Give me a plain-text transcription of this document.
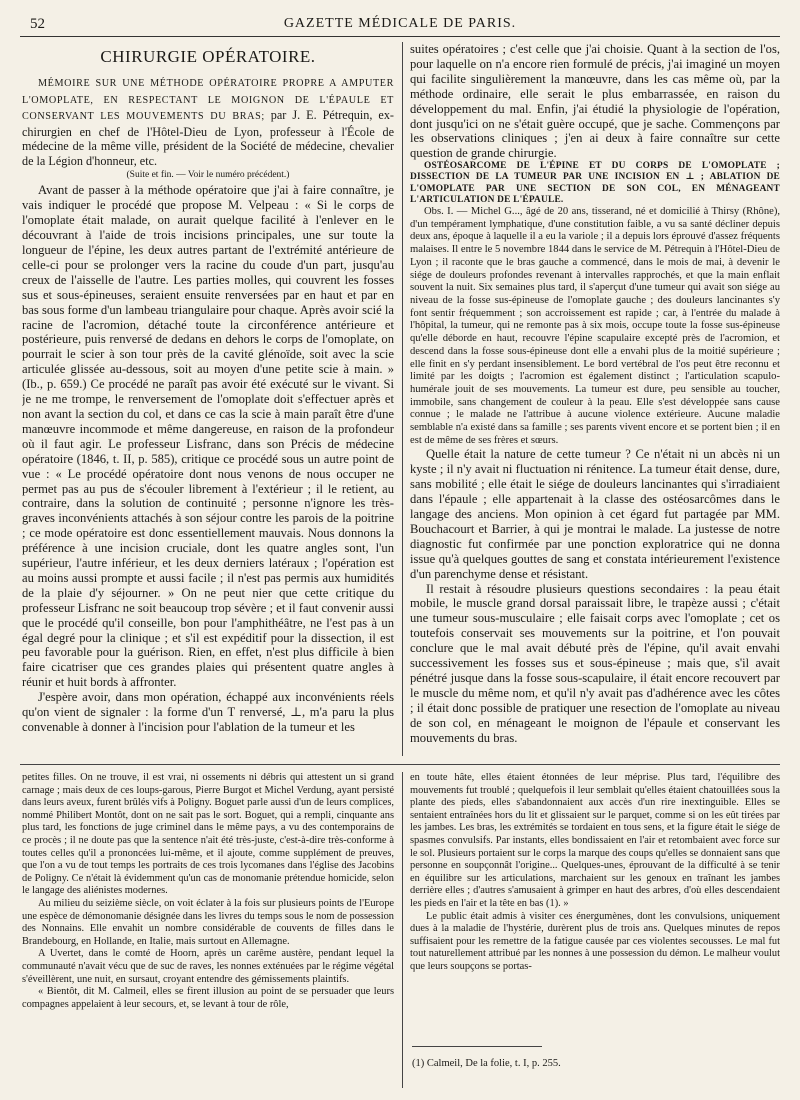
52	GAZETTE MÉDICALE DE PARIS.
CHIRURGIE OPÉRATOIRE.

MÉMOIRE SUR UNE MÉTHODE OPÉRATOIRE PROPRE A AMPUTER L'OMOPLATE, EN RESPECTANT LE MOIGNON DE L'ÉPAULE ET CONSERVANT LES MOUVEMENTS DU BRAS; par J. E. Pétrequin, ex-chirurgien en chef de l'Hôtel-Dieu de Lyon, professeur à l'École de médecine de la même ville, président de la Société de médecine, chevalier de la Légion d'honneur, etc.

(Suite et fin. — Voir le numéro précédent.)

Avant de passer à la méthode opératoire que j'ai à faire connaître, je vais indiquer le procédé que propose M. Velpeau : « Si le corps de l'omoplate était malade, on aurait quelque facilité à l'enlever en le découvrant à l'aide de trois incisions principales, une sur toute la longueur de l'épine, les deux autres partant de l'extrémité antérieure de celle-ci pour se prolonger vers la racine du coude d'un part, jusqu'au creux de l'aisselle de l'autre. Les parties molles, qui couvrent les fosses sus et sous-épineuses, seraient ensuite renversées par en haut et par en bas sous forme d'un lambeau triangulaire pour chaque. Après avoir scié la racine de l'acromion, détaché toute la circonférence antérieure et postérieure, puis renversé de dedans en dehors le corps de l'omoplate, on pourrait le scier à son tour près de la cavité glénoïde, soit avec la scie articulée glissée au-dessous, soit au moyen d'une petite scie à main. » (Ib., p. 659.) Ce procédé ne paraît pas avoir été exécuté sur le vivant. Si je ne me trompe, le renversement de l'omoplate doit s'effectuer après et non avant la section du col, et dans ce cas la scie à main paraît être d'une manœuvre incommode et même dangereuse, en raison de la profondeur où il faut agir. Le professeur Lisfranc, dans son Précis de médecine opératoire (1846, t. II, p. 585), critique ce procédé sous un autre point de vue : « Le procédé opératoire dont nous venons de nous occuper ne permet pas au pus de s'écouler librement à l'extérieur ; il le retient, au contraire, dans la solution de continuité ; personne n'ignore les très-graves inconvénients attachés à son séjour contre les parois de la poitrine ; ce mode opératoire est donc essentiellement mauvais. Nous donnons la préférence à une incision cruciale, dont les quatre angles sont, l'un supérieur, l'autre inférieur, et les deux derniers latéraux ; l'opération est au moins aussi prompte et aussi facile ; il n'est pas permis aux humidités de la plaie d'y séjourner. » On ne peut nier que cette critique du professeur Lisfranc ne soit beaucoup trop sévère ; et il faut convenir aussi que le procédé qu'il conseille, bon pour l'amphithéâtre, ne l'est pas à un égal degré pour la clinique ; et s'il est expéditif pour la dissection, il est peu favorable pour la guérison. Rien, en effet, n'est plus difficile à bien faire cicatriser que ces grandes plaies qui présentent quatre angles à réunir et huit bords à affronter.

J'espère avoir, dans mon opération, échappé aux inconvénients réels qu'on vient de signaler : la forme d'un T renversé, ⊥, m'a paru la plus convenable à donner à l'incision pour l'ablation de la tumeur et les

suites opératoires ; c'est celle que j'ai choisie. Quant à la section de l'os, pour laquelle on n'a encore rien formulé de précis, j'ai imaginé un moyen qui facilite singulièrement la manœuvre, dans les cas même où, par la méthode ordinaire, elle serait le plus embarrassée, en raison du développement du mal. Enfin, j'ai étudié la physiologie de l'opération, dont jusqu'ici on ne s'était guère occupé, que je sache. Commençons par les observations cliniques ; j'en ai deux à faire connaître sur cette question de grande chirurgie.

OSTÉOSARCOME DE L'ÉPINE ET DU CORPS DE L'OMOPLATE ; DISSECTION DE LA TUMEUR PAR UNE INCISION EN ⊥ ; ABLATION DE L'OMOPLATE PAR UNE SECTION DE SON COL, EN MÉNAGEANT L'ARTICULATION DE L'ÉPAULE.

Obs. I. — Michel G..., âgé de 20 ans, tisserand, né et domicilié à Thirsy (Rhône), d'un tempérament lymphatique, d'une constitution faible, a vu sa santé décliner depuis deux ans, époque à laquelle il a eu la variole ; il a depuis lors éprouvé d'assez fréquents malaises. Il entre le 5 novembre 1844 dans le service de M. Pétrequin à l'Hôtel-Dieu de Lyon ; il raconte que le bras gauche a commencé, dans le mois de mai, à devenir le siége de douleurs profondes revenant à intervalles rapprochés, et que la main enflait souvent la nuit. Six semaines plus tard, il s'aperçut d'une tumeur qui avait son siége au niveau de la fosse sus-épineuse de l'omoplate gauche ; des douleurs lancinantes s'y font sentir fréquemment ; son accroissement est rapide ; car, à l'entrée du malade à l'hôpital, la tumeur, qui ne remonte pas à six mois, occupe toute la fosse sus-épineuse qu'elle déborde en haut, recouvre l'épine scapulaire excepté près de l'acromion, et descend dans la fosse sous-épineuse dont elle a envahi plus de la moitié supérieure ; elle finit en s'y perdant insensiblement. Le bord vertébral de l'os peut être reconnu et limité par les doigts ; l'acromion est également distinct ; l'articulation scapulo-humérale jouit de ses mouvements. La tumeur est dure, peu sensible au toucher, immobile, sans changement de couleur à la peau. Elle s'est développée sans cause connue ; le malade ne l'attribue à aucune violence extérieure. Aucune maladie semblable n'a existé dans sa famille ; ses parents vivent encore et se portent bien ; il en est de même de ses frères et sœurs.

Quelle était la nature de cette tumeur ? Ce n'était ni un abcès ni un kyste ; il n'y avait ni fluctuation ni rénitence. La tumeur était dense, dure, sans mobilité ; elle était le siége de douleurs lancinantes qui s'irradiaient dans l'épaule ; elle appartenait à la classe des ostéosarcômes dans le langage des anciens. Mon opinion à cet égard fut partagée par MM. Bouchacourt et Barrier, à qui je montrai le malade. La justesse de notre diagnostic fut confirmée par une ponction exploratrice qui ne donna issue qu'à quelques gouttes de sang et constata intérieurement l'existence d'un parenchyme dense et résistant.

Il restait à résoudre plusieurs questions secondaires : la peau était mobile, le muscle grand dorsal paraissait libre, le trapèze aussi ; c'était une tumeur sous-musculaire ; elle faisait corps avec l'omoplate ; cet os toutefois conservait ses mouvements sur la poitrine, et l'on pouvait conclure que le mal avait débuté près de l'épine, qu'il avait envahi successivement les fosses sus et sous-épineuse ; mais que, s'il avait pénétré jusque dans la fosse sous-scapulaire, il était encore recouvert par le muscle du même nom, et qu'il n'y avait pas d'adhérence avec les côtes ; il était donc possible de pratiquer une resection de l'omoplate au niveau de son col, en ménageant le moignon de l'épaule et conservant les mouvements du bras.

petites filles. On ne trouve, il est vrai, ni ossements ni débris qui attestent un si grand carnage ; mais deux de ces loups-garous, Pierre Burgot et Michel Verdung, ayant persisté dans leurs aveux, furent brûlés vifs à Poligny. Boguet parle aussi d'un de leurs complices, nommé Philibert Montôt, dont on ne sait pas le sort. Boguet, qui a rempli, cinquante ans plus tard, les fonctions de juge criminel dans le même pays, a vu des contemporains de ce procès ; il ne doute pas que la sentence n'ait été très-juste, c'est-à-dire très-conforme à toutes celles qu'il a prononcées lui-même, et il ajoute, comme supplément de preuves, que l'on a vu de tout temps les portraits de ces trois lycomanes dans l'église des Jacobins de Poligny. Ce n'était là évidemment qu'un cas de monomanie prétendue homicide, selon le langage des aliénistes modernes.

Au milieu du seizième siècle, on voit éclater à la fois sur plusieurs points de l'Europe une espèce de démonomanie désignée dans les livres du temps sous le nom de possession des Nonnains. Elle envahit un nombre considérable de couvents de filles dans le Brandebourg, en Hollande, en Italie, mais surtout en Allemagne.

A Uvertet, dans le comté de Hoorn, après un carême austère, pendant lequel la communauté n'avait vécu que de suc de raves, les nonnes exténuées par le régime végétal s'éveillèrent, une nuit, en sursaut, croyant entendre des gémissements plaintifs.

« Bientôt, dit M. Calmeil, elles se firent illusion au point de se persuader que leurs compagnes appelaient à leur secours, et, se levant à tour de rôle,

en toute hâte, elles étaient étonnées de leur méprise. Plus tard, l'équilibre des mouvements fut troublé ; quelquefois il leur semblait qu'elles étaient chatouillées sous la plante des pieds, elles s'abandonnaient aux accès d'un rire inextinguible. Elles se sentaient entraînées hors du lit et glissaient sur le parquet, comme si on les eût tirées par les jambes. Les bras, les extrémités se tordaient en tous sens, et la figure était le siége de spasmes convulsifs. Par instants, elles bondissaient en l'air et retombaient avec force sur le sol. Plusieurs portaient sur le corps la marque des coups qu'elles se donnaient sans que personne en soupçonnât l'origine... Quelques-unes, éprouvant de la difficulté à se tenir en équilibre sur les articulations, marchaient sur les genoux en traînant les jambes derrière elles ; d'autres s'amusaient à grimper en haut des arbres, d'où elles descendaient les pieds en l'air et la tête en bas (1). »

Le public était admis à visiter ces énergumènes, dont les convulsions, uniquement dues à la maladie de l'hystérie, durèrent plus de trois ans. Quelques minutes de repos suffisaient pour les remettre de la fatigue causée par ces violentes secousses. Le mal fut tout naturellement attribué par les nonnes à une possession du démon. Le malheur voulut que leurs soupçons se portas-

(1) Calmeil, De la folie, t. I, p. 255.
